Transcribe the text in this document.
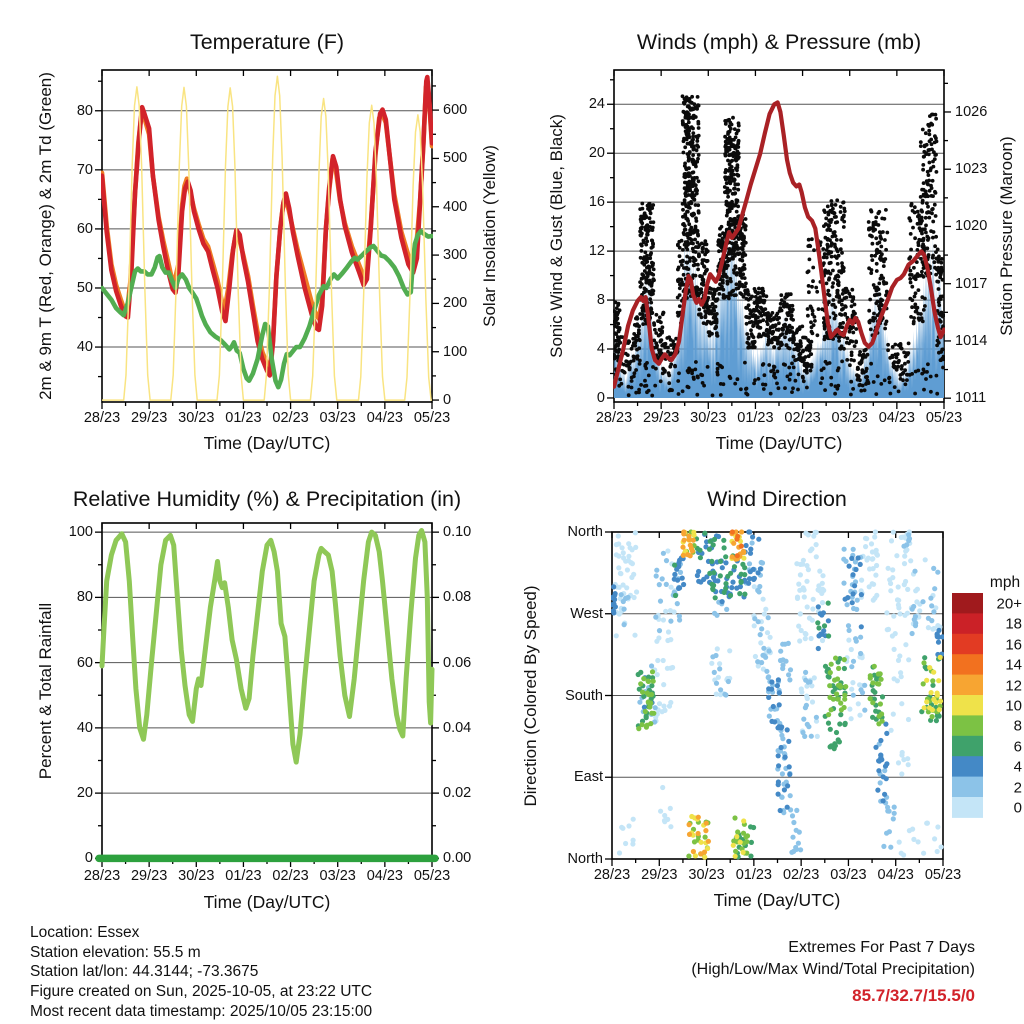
28/23 29/23 30/23 01/23 02/23 03/23 04/23 05/23
40
50
60
70
80
0
100
200
300
400
500
600
28/23 29/23 30/23 01/23 02/23 03/23 04/23 05/23
0
4
8
12
16
20
24
1011
1014
1017
1020
1023
1026
28/23 29/23 30/23 01/23 02/23 03/23 04/23 05/23
0
20
40
60
80
100
0.00
0.02
0.04
0.06
0.08
0.10
28/23 29/23 30/23 01/23 02/23 03/23 04/23 05/23
North
West
South
East
North
20+
18
16
14
12
10
8
6
4
2
0
Temperature (F)	Winds (mph) & Pressure (mb)
Relative Humidity (%) & Precipitation (in)	Wind Direction
Time (Day/UTC)	Time (Day/UTC)
Time (Day/UTC)	Time (Day/UTC)
2m & 9m T (Red, Orange) & 2m Td (Green)	Solar Insolation (Yellow)	Sonic Wind & Gust (Blue, Black)	Station Pressure (Maroon)
Percent & Total Rainfall	Direction (Colored By Speed)
mph
Location: Essex
Station elevation: 55.5 m
Station lat/lon: 44.3144; -73.3675
Figure created on Sun, 2025-10-05, at 23:22 UTC
Most recent data timestamp: 2025/10/05 23:15:00
Extremes For Past 7 Days
(High/Low/Max Wind/Total Precipitation)
85.7/32.7/15.5/0
